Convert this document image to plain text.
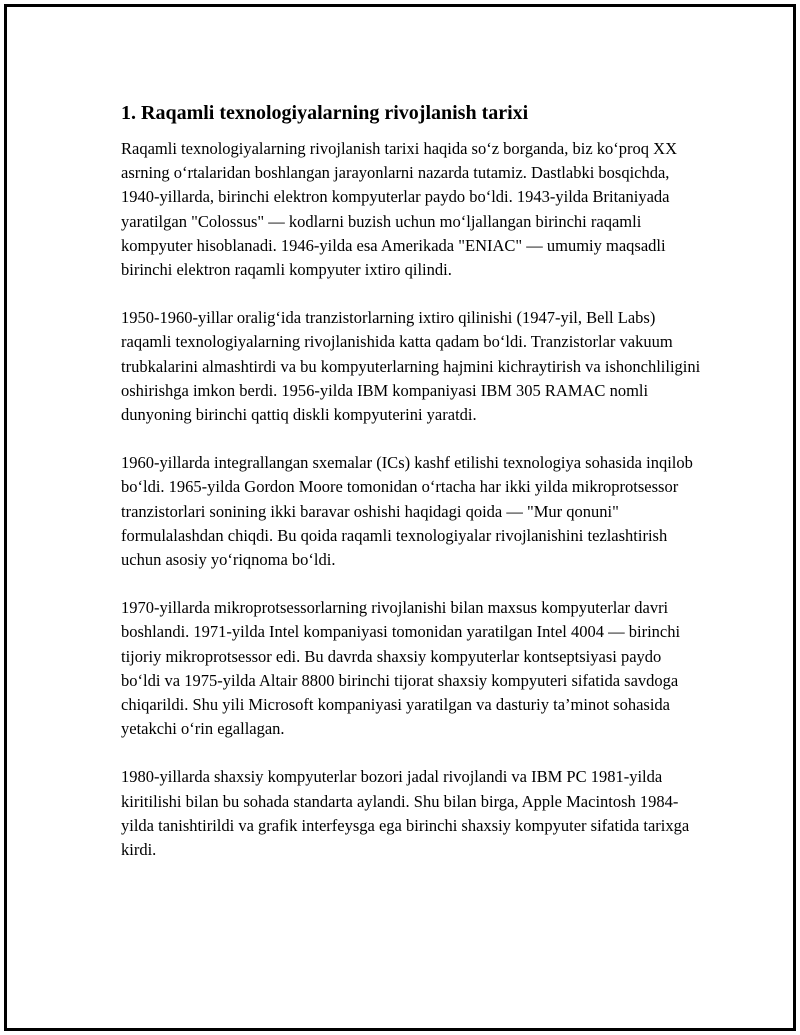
1. Raqamli texnologiyalarning rivojlanish tarixi

Raqamli texnologiyalarning rivojlanish tarixi haqida so‘z borganda, biz ko‘proq XX asrning o‘rtalaridan boshlangan jarayonlarni nazarda tutamiz. Dastlabki bosqichda, 1940-yillarda, birinchi elektron kompyuterlar paydo bo‘ldi. 1943-yilda Britaniyada yaratilgan "Colossus" — kodlarni buzish uchun mo‘ljallangan birinchi raqamli kompyuter hisoblanadi. 1946-yilda esa Amerikada "ENIAC" — umumiy maqsadli birinchi elektron raqamli kompyuter ixtiro qilindi.

1950-1960-yillar oralig‘ida tranzistorlarning ixtiro qilinishi (1947-yil, Bell Labs) raqamli texnologiyalarning rivojlanishida katta qadam bo‘ldi. Tranzistorlar vakuum trubkalarini almashtirdi va bu kompyuterlarning hajmini kichraytirish va ishonchliligini oshirishga imkon berdi. 1956-yilda IBM kompaniyasi IBM 305 RAMAC nomli dunyoning birinchi qattiq diskli kompyuterini yaratdi.

1960-yillarda integrallangan sxemalar (ICs) kashf etilishi texnologiya sohasida inqilob bo‘ldi. 1965-yilda Gordon Moore tomonidan o‘rtacha har ikki yilda mikroprotsessor tranzistorlari sonining ikki baravar oshishi haqidagi qoida — "Mur qonuni" formulalashdan chiqdi. Bu qoida raqamli texnologiyalar rivojlanishini tezlashtirish uchun asosiy yo‘riqnoma bo‘ldi.

1970-yillarda mikroprotsessorlarning rivojlanishi bilan maxsus kompyuterlar davri boshlandi. 1971-yilda Intel kompaniyasi tomonidan yaratilgan Intel 4004 — birinchi tijoriy mikroprotsessor edi. Bu davrda shaxsiy kompyuterlar kontseptsiyasi paydo bo‘ldi va 1975-yilda Altair 8800 birinchi tijorat shaxsiy kompyuteri sifatida savdoga chiqarildi. Shu yili Microsoft kompaniyasi yaratilgan va dasturiy ta’minot sohasida yetakchi o‘rin egallagan.

1980-yillarda shaxsiy kompyuterlar bozori jadal rivojlandi va IBM PC 1981-yilda kiritilishi bilan bu sohada standarta aylandi. Shu bilan birga, Apple Macintosh 1984-yilda tanishtirildi va grafik interfeysga ega birinchi shaxsiy kompyuter sifatida tarixga kirdi.
